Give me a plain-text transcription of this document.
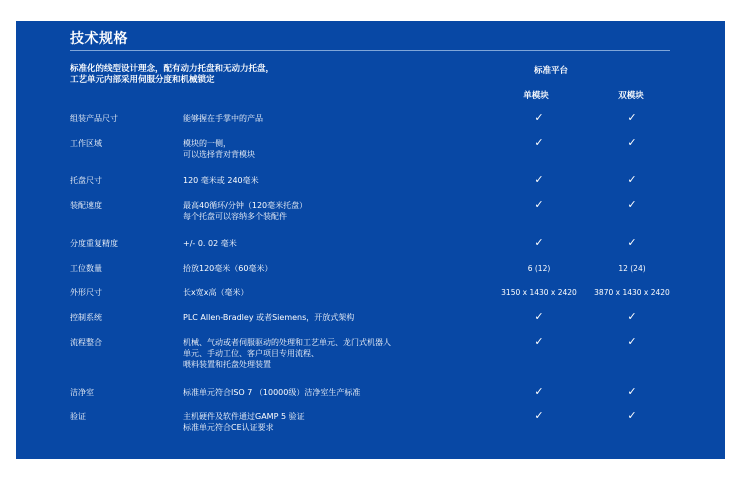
技术规格
标准化的线型设计理念，配有动力托盘和无动力托盘，
工艺单元内部采用伺服分度和机械锁定
标准平台
单模块	双模块
组装产品尺寸	能够握在手掌中的产品	✓	✓
工作区域	模块的一侧，
可以选择背对背模块
✓	✓
托盘尺寸	120 毫米或 240毫米	✓	✓
装配速度	最高40循环/分钟（120毫米托盘）
每个托盘可以容纳多个装配件
✓	✓
分度重复精度	+/- 0. 02 毫米	✓	✓
工位数量	拾放120毫米（60毫米）	6 (12)	12 (24)
外形尺寸	长x宽x高（毫米）	3150 x 1430 x 2420	3870 x 1430 x 2420
控制系统	PLC Allen-Bradley 或者Siemens，开放式架构	✓	✓
流程整合	机械、气动或者伺服驱动的处理和工艺单元、龙门式机器人
单元、手动工位、客户项目专用流程、
喂料装置和托盘处理装置
✓	✓
洁净室	标准单元符合ISO 7 （10000级）洁净室生产标准	✓	✓
验证	主机硬件及软件通过GAMP 5 验证
标准单元符合CE认证要求
✓	✓
